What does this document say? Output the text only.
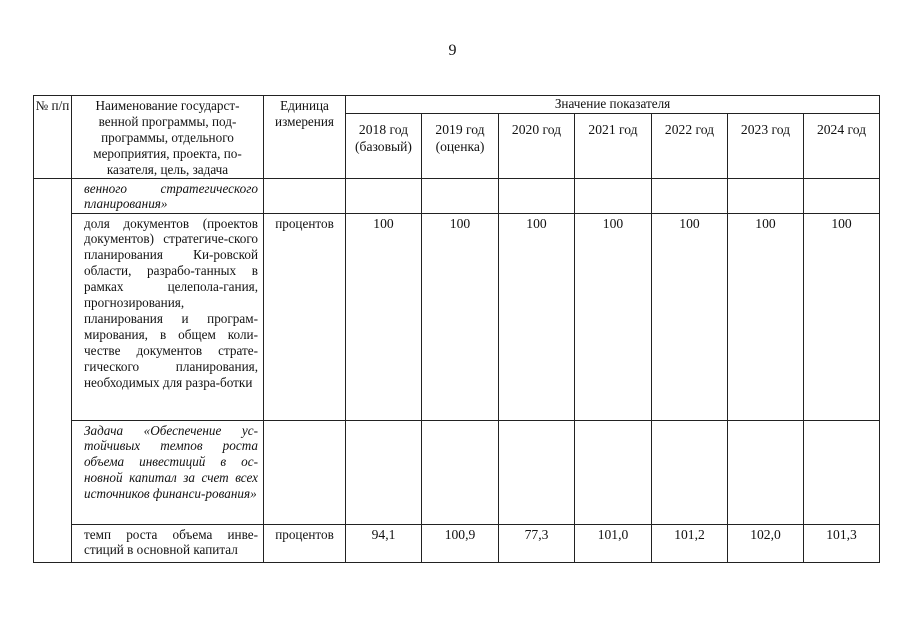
9
№ п/п	Наименование государст-венной программы, под-программы, отдельного мероприятия, проекта, по-казателя, цель, задача	Единица измерения	Значение показателя						
			2018 год (базовый)	2019 год (оценка)	2020 год	2021 год	2022 год	2023 год	2024 год
	венного стратегического планирования»								
	доля документов (проектов документов) стратегиче-ского планирования Ки-ровской области, разрабо-танных в рамках целепола-гания, прогнозирования, планирования и програм-мирования, в общем коли-честве документов страте-гического планирования, необходимых для разра-ботки	процентов	100	100	100	100	100	100	100
	Задача «Обеспечение ус-тойчивых темпов роста объема инвестиций в ос-новной капитал за счет всех источников финанси-рования»								
	темп роста объема инве-стиций в основной капитал	процентов	94,1	100,9	77,3	101,0	101,2	102,0	101,3
